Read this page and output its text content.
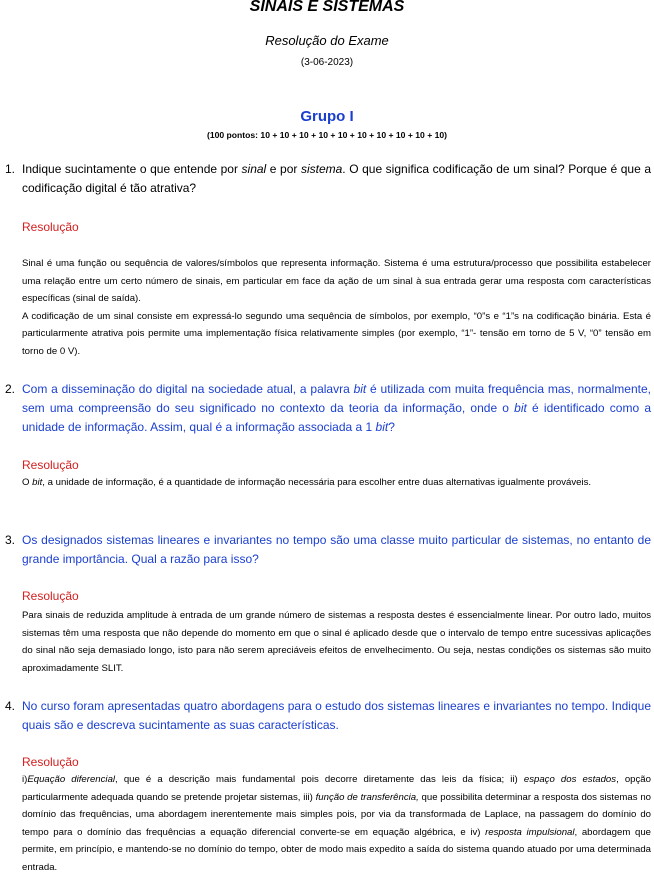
SINAIS E SISTEMAS
Resolução do Exame
(3-06-2023)
Grupo I
(100 pontos: 10 + 10 + 10 + 10 + 10 + 10 + 10 + 10 + 10 + 10)
1. Indique sucintamente o que entende por sinal e por sistema. O que significa codificação de um sinal? Porque é que a codificação digital é tão atrativa?
Resolução

Sinal é uma função ou sequência de valores/símbolos que representa informação. Sistema é uma estrutura/processo que possibilita estabelecer uma relação entre um certo número de sinais, em particular em face da ação de um sinal à sua entrada gerar uma resposta com características específicas (sinal de saída).

A codificação de um sinal consiste em expressá-lo segundo uma sequência de símbolos, por exemplo, “0”s e “1”s na codificação binária. Esta é particularmente atrativa pois permite uma implementação física relativamente simples (por exemplo, “1”- tensão em torno de 5 V, “0” tensão em torno de 0 V).

2. Com a disseminação do digital na sociedade atual, a palavra bit é utilizada com muita frequência mas, normalmente, sem uma compreensão do seu significado no contexto da teoria da informação, onde o bit é identificado como a unidade de informação. Assim, qual é a informação associada a 1 bit?
Resolução

O bit, a unidade de informação, é a quantidade de informação necessária para escolher entre duas alternativas igualmente prováveis.

3. Os designados sistemas lineares e invariantes no tempo são uma classe muito particular de sistemas, no entanto de grande importância. Qual a razão para isso?
Resolução

Para sinais de reduzida amplitude à entrada de um grande número de sistemas a resposta destes é essencialmente linear. Por outro lado, muitos sistemas têm uma resposta que não depende do momento em que o sinal é aplicado desde que o intervalo de tempo entre sucessivas aplicações do sinal não seja demasiado longo, isto para não serem apreciáveis efeitos de envelhecimento. Ou seja, nestas condições os sistemas são muito aproximadamente SLIT.

4. No curso foram apresentadas quatro abordagens para o estudo dos sistemas lineares e invariantes no tempo. Indique quais são e descreva sucintamente as suas características.
Resolução

i)Equação diferencial, que é a descrição mais fundamental pois decorre diretamente das leis da física; ii) espaço dos estados, opção particularmente adequada quando se pretende projetar sistemas, iii) função de transferência, que possibilita determinar a resposta dos sistemas no domínio das frequências, uma abordagem inerentemente mais simples pois, por via da transformada de Laplace, na passagem do domínio do tempo para o domínio das frequências a equação diferencial converte-se em equação algébrica, e iv) resposta impulsional, abordagem que permite, em princípio, e mantendo-se no domínio do tempo, obter de modo mais expedito a saída do sistema quando atuado por uma determinada entrada.
